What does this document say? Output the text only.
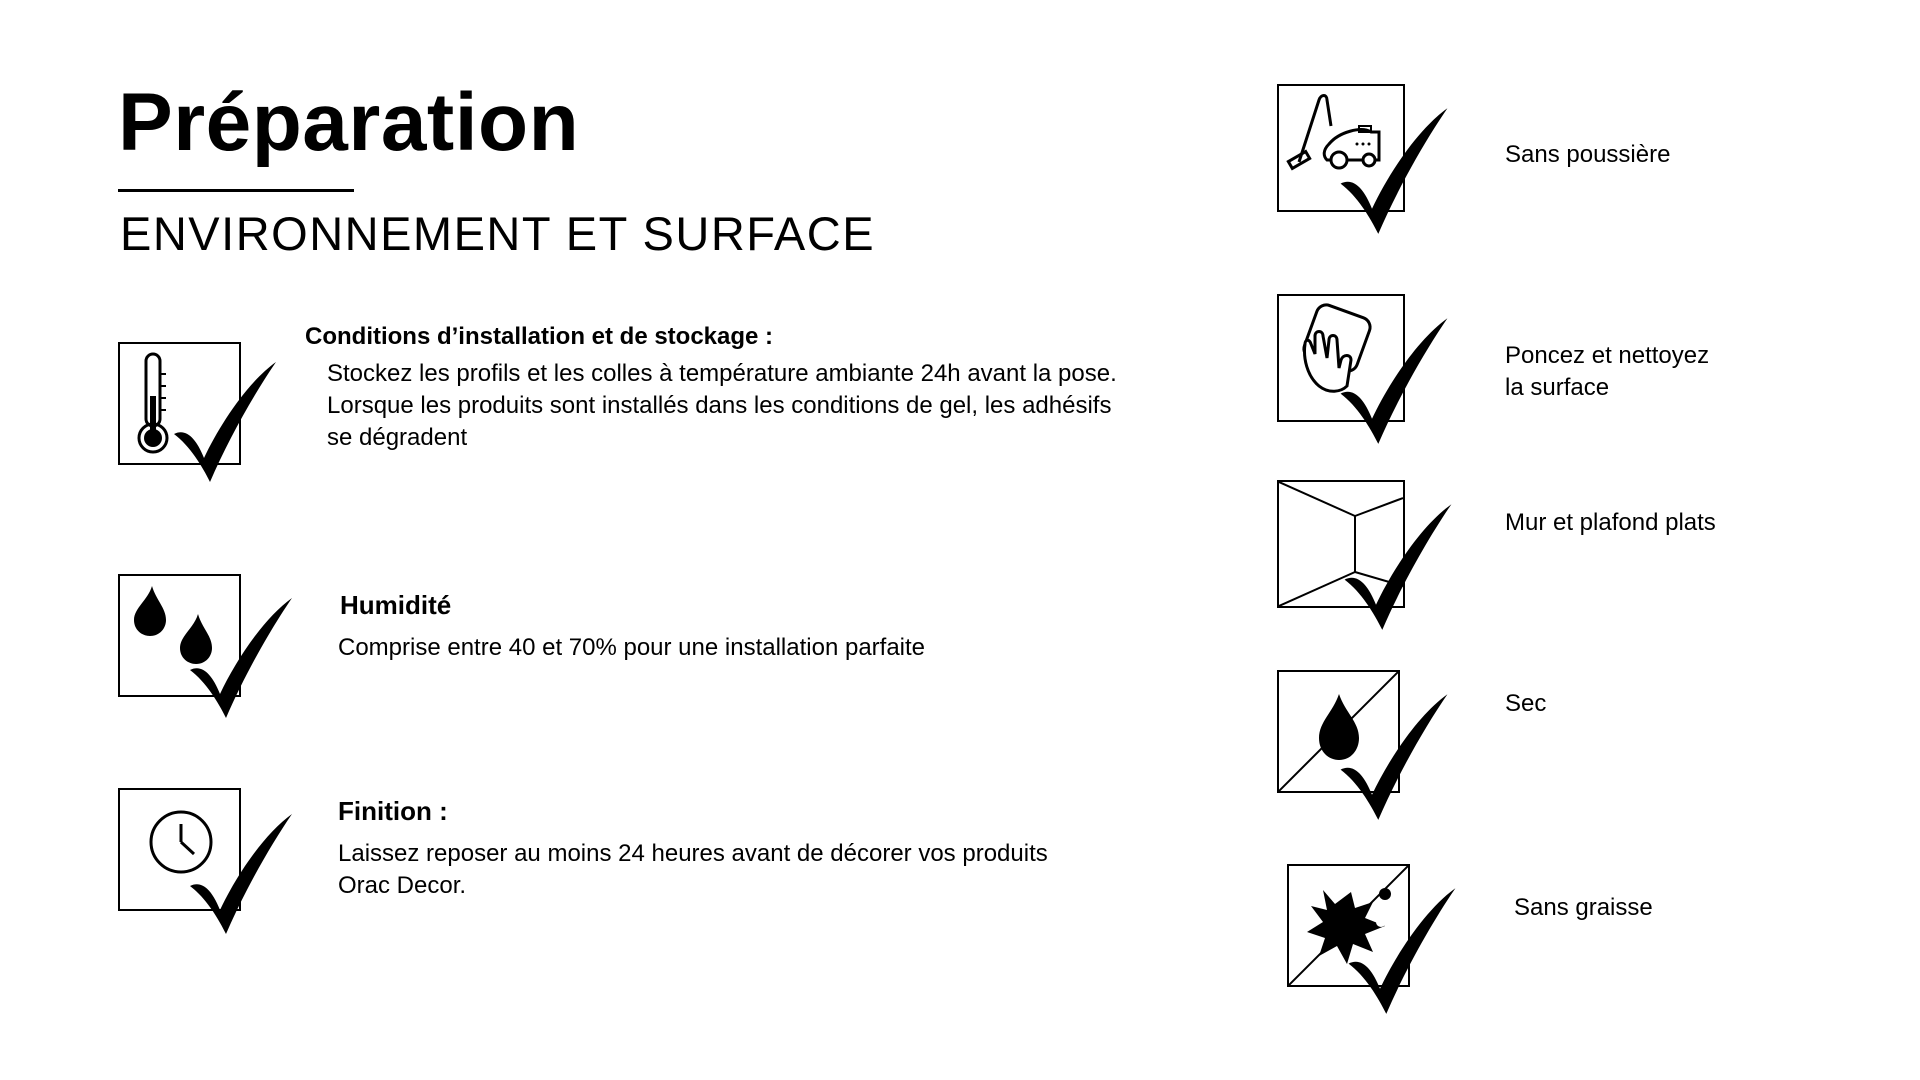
Préparation
ENVIRONNEMENT ET SURFACE
Conditions d’installation et de stockage :
Stockez les profils et les colles à température ambiante 24h avant la pose.
Lorsque les produits sont installés dans les conditions de gel, les adhésifs
se dégradent
Humidité
Comprise entre 40 et 70% pour une installation parfaite
Finition :
Laissez reposer au moins 24 heures avant de décorer vos produits
Orac Decor.
Sans poussière
Poncez et nettoyez
la surface
Mur et plafond plats
Sec
Sans graisse
